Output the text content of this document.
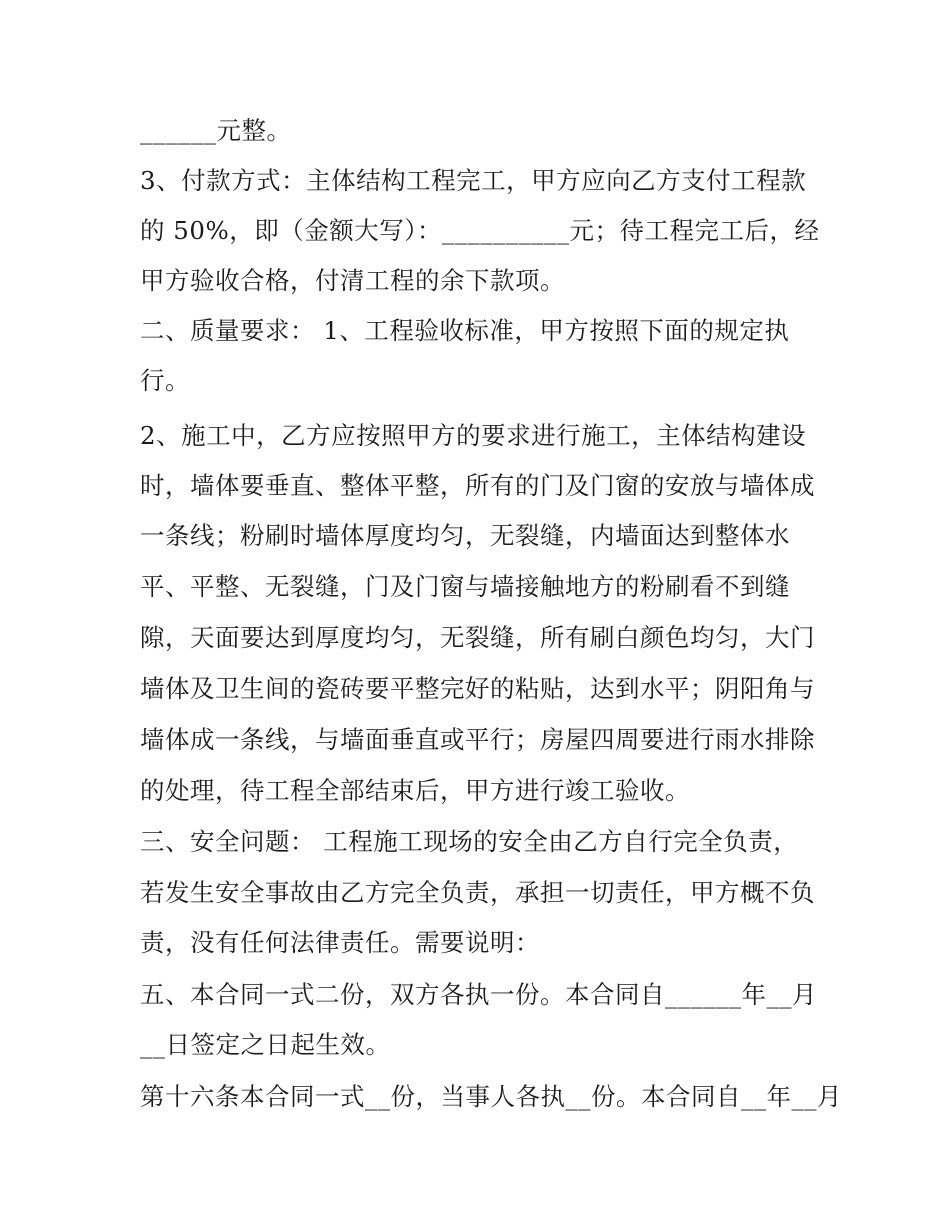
______元整。
3、付款方式：主体结构工程完工，甲方应向乙方支付工程款
的 50%，即（金额大写）：__________元；待工程完工后，经
甲方验收合格，付清工程的余下款项。
二、质量要求： 1、工程验收标准，甲方按照下面的规定执
行。
2、施工中，乙方应按照甲方的要求进行施工，主体结构建设
时，墙体要垂直、整体平整，所有的门及门窗的安放与墙体成
一条线；粉刷时墙体厚度均匀，无裂缝，内墙面达到整体水
平、平整、无裂缝，门及门窗与墙接触地方的粉刷看不到缝
隙，天面要达到厚度均匀，无裂缝，所有刷白颜色均匀，大门
墙体及卫生间的瓷砖要平整完好的粘贴，达到水平；阴阳角与
墙体成一条线，与墙面垂直或平行；房屋四周要进行雨水排除
的处理，待工程全部结束后，甲方进行竣工验收。
三、安全问题： 工程施工现场的安全由乙方自行完全负责，
若发生安全事故由乙方完全负责，承担一切责任，甲方概不负
责，没有任何法律责任。需要说明：
五、本合同一式二份，双方各执一份。本合同自______年__月
__日签定之日起生效。
第十六条本合同一式__份，当事人各执__份。本合同自__年__月
